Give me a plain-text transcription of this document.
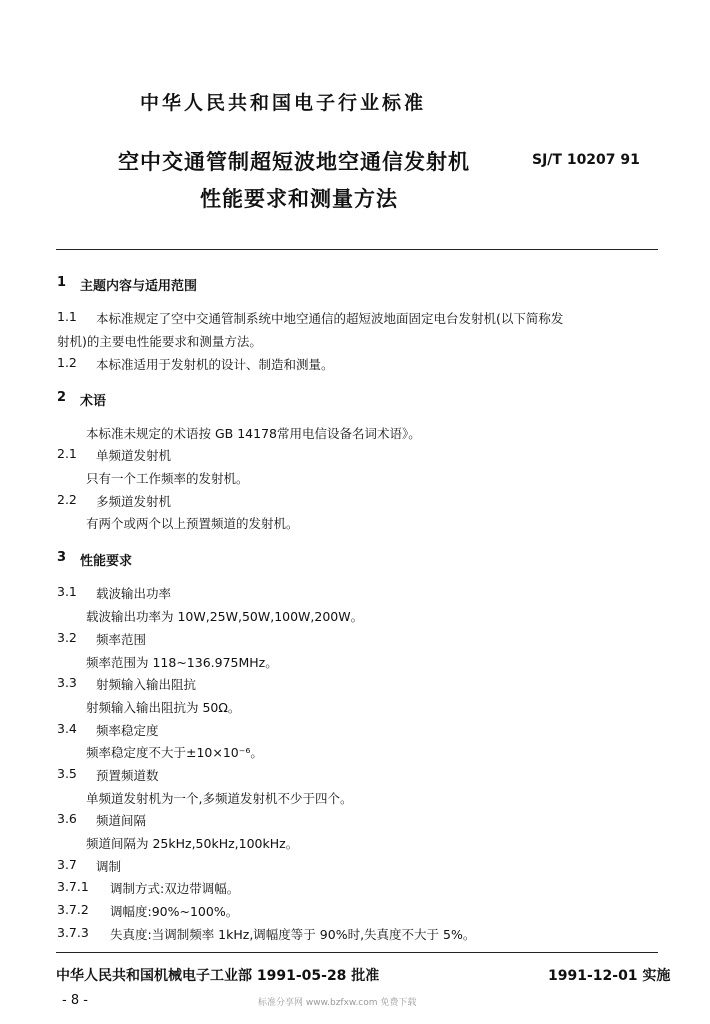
中华人民共和国电子行业标准
空中交通管制超短波地空通信发射机
性能要求和测量方法
SJ/T 10207 91
1 主题内容与适用范围
1.1 本标准规定了空中交通管制系统中地空通信的超短波地面固定电台发射机(以下简称发
射机)的主要电性能要求和测量方法。
1.2 本标准适用于发射机的设计、制造和测量。
2 术语
本标准未规定的术语按 GB 14178常用电信设备名词术语》。
2.1 单频道发射机
只有一个工作频率的发射机。
2.2 多频道发射机
有两个或两个以上预置频道的发射机。
3 性能要求
3.1 载波输出功率
载波输出功率为 10W,25W,50W,100W,200W。
3.2 频率范围
频率范围为 118~136.975MHz。
3.3 射频输入输出阻抗
射频输入输出阻抗为 50Ω。
3.4 频率稳定度
频率稳定度不大于±10×10⁻⁶。
3.5 预置频道数
单频道发射机为一个,多频道发射机不少于四个。
3.6 频道间隔
频道间隔为 25kHz,50kHz,100kHz。
3.7 调制
3.7.1 调制方式:双边带调幅。
3.7.2 调幅度:90%~100%。
3.7.3 失真度:当调制频率 1kHz,调幅度等于 90%时,失真度不大于 5%。
中华人民共和国机械电子工业部 1991-05-28 批准	1991-12-01 实施
- 8 -	标准分享网 www.bzfxw.com 免费下载
